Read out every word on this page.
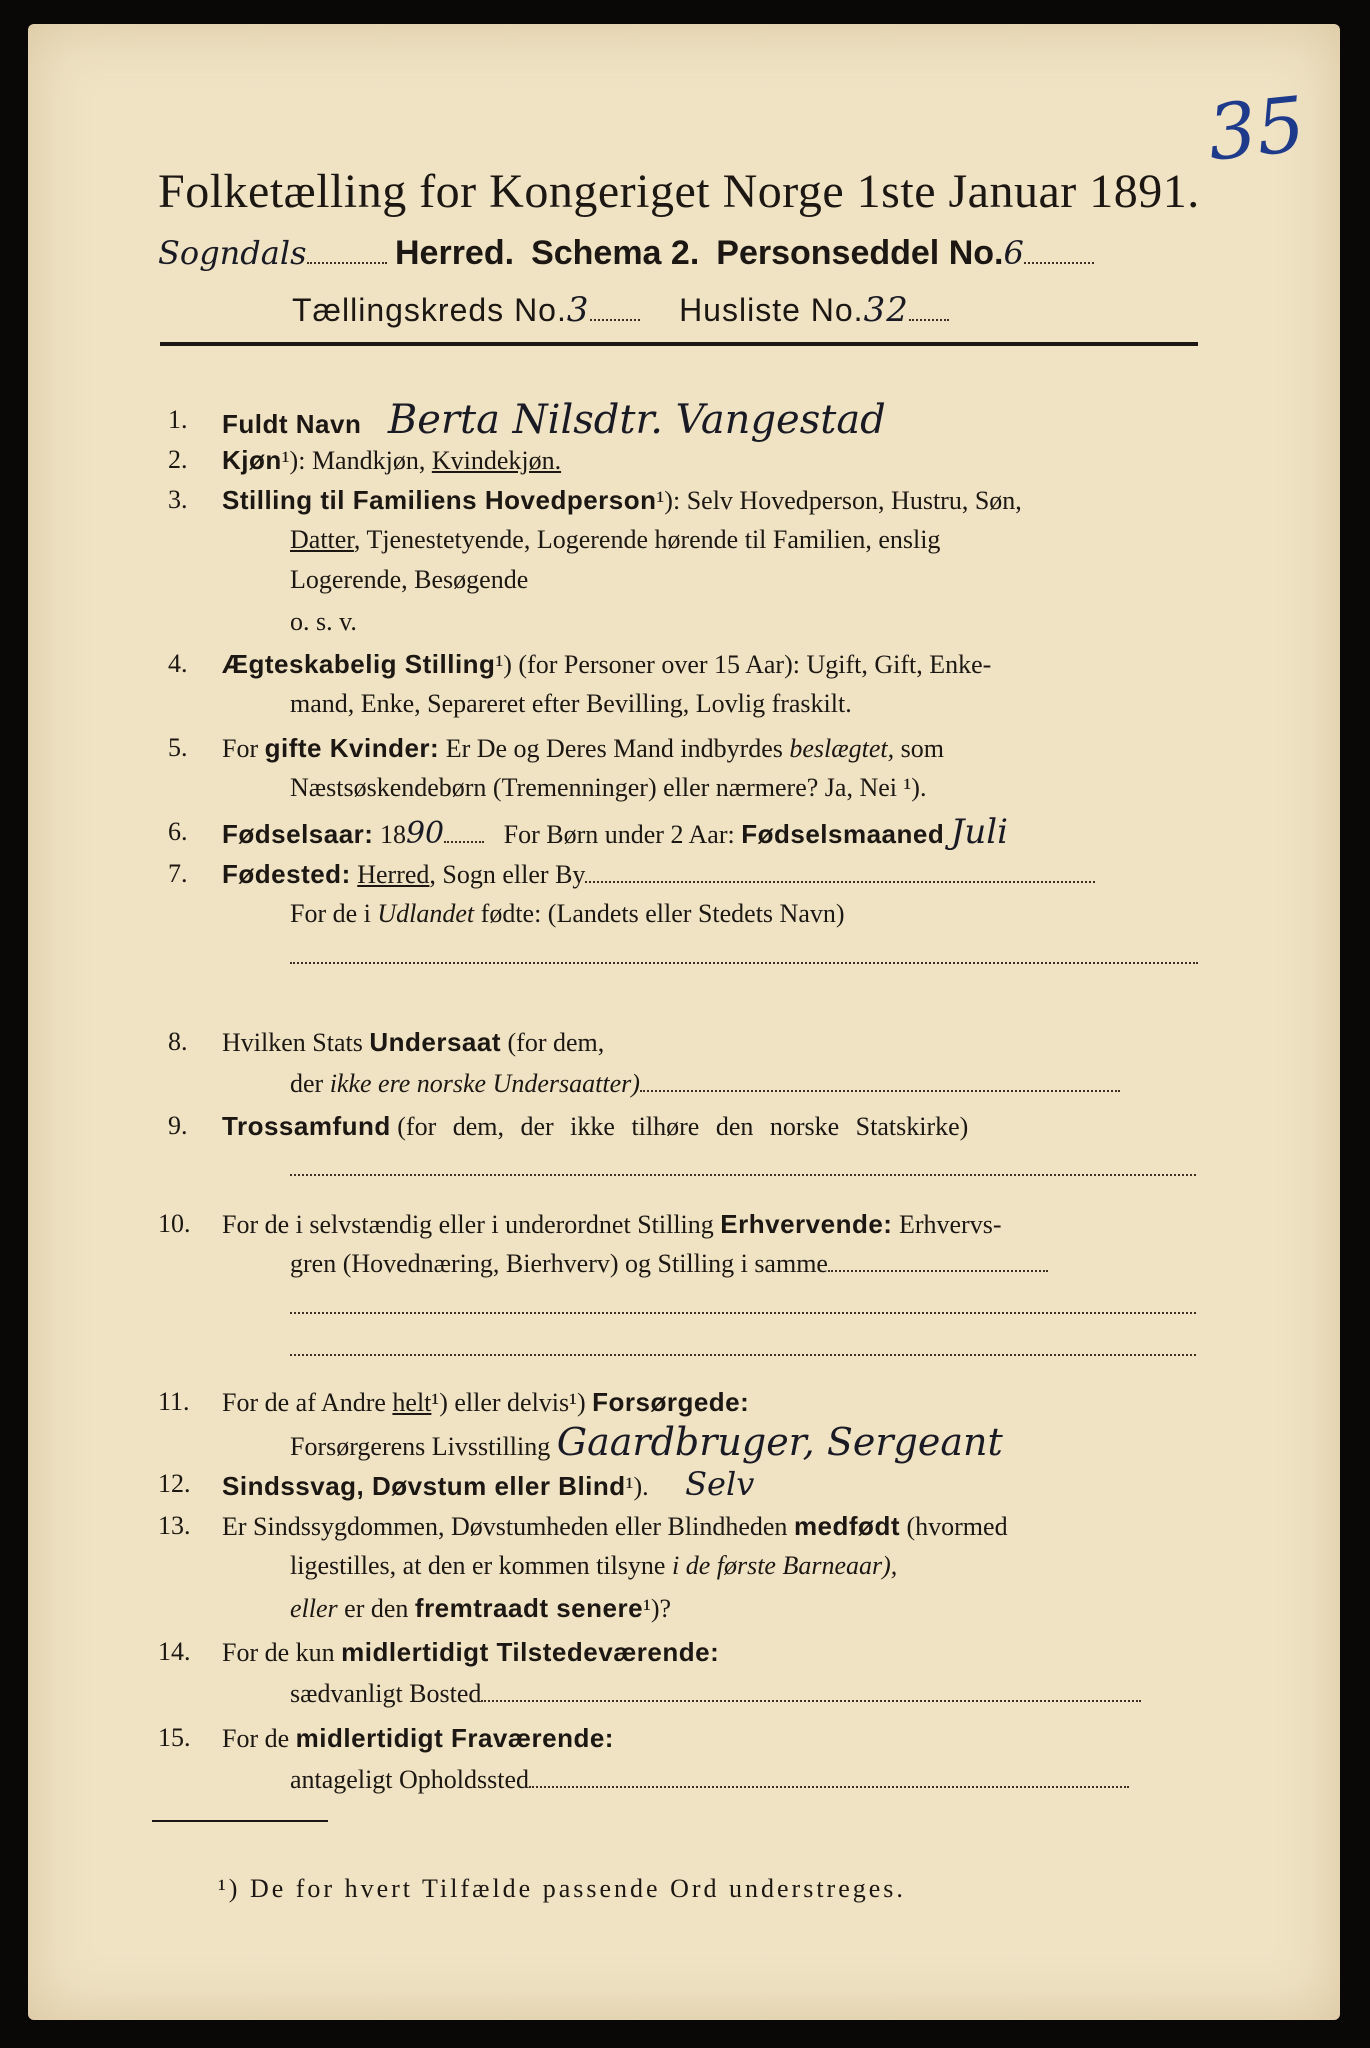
Folketælling for Kongeriget Norge 1ste Januar 1891.
35
Sogndals	Herred. Schema 2. Personseddel No.6
Tællingskreds No.3	Husliste No.32
1. Fuldt Navn Berta Nilsdtr. Vangestad
2. Kjøn¹): Mandkjøn, Kvindekjøn.
3. Stilling til Familiens Hovedperson¹): Selv Hovedperson, Hustru, Søn,
Datter, Tjenestetyende, Logerende hørende til Familien, enslig
Logerende, Besøgende
o. s. v.
4. Ægteskabelig Stilling¹) (for Personer over 15 Aar): Ugift, Gift, Enke-
mand, Enke, Separeret efter Bevilling, Lovlig fraskilt.
5. For gifte Kvinder: Er De og Deres Mand indbyrdes beslægtet, som
Næstsøskendebørn (Tremenninger) eller nærmere? Ja, Nei ¹).
6. Fødselsaar: 1890 For Børn under 2 Aar: Fødselsmaaned Juli
7. Fødested: Herred, Sogn eller By
For de i Udlandet fødte: (Landets eller Stedets Navn)
8. Hvilken Stats Undersaat (for dem,
der ikke ere norske Undersaatter)
9. Trossamfund (for dem, der ikke tilhøre den norske Statskirke)
10. For de i selvstændig eller i underordnet Stilling Erhvervende: Erhvervs-
gren (Hovednæring, Bierhverv) og Stilling i samme
11. For de af Andre helt¹) eller delvis¹) Forsørgede:
Forsørgerens Livsstilling Gaardbruger, Sergeant
12. Sindssvag, Døvstum eller Blind¹). Selv
13. Er Sindssygdommen, Døvstumheden eller Blindheden medfødt (hvormed
ligestilles, at den er kommen tilsyne i de første Barneaar),
eller er den fremtraadt senere¹)?
14. For de kun midlertidigt Tilstedeværende:
sædvanligt Bosted
15. For de midlertidigt Fraværende:
antageligt Opholdssted
¹) De for hvert Tilfælde passende Ord understreges.
